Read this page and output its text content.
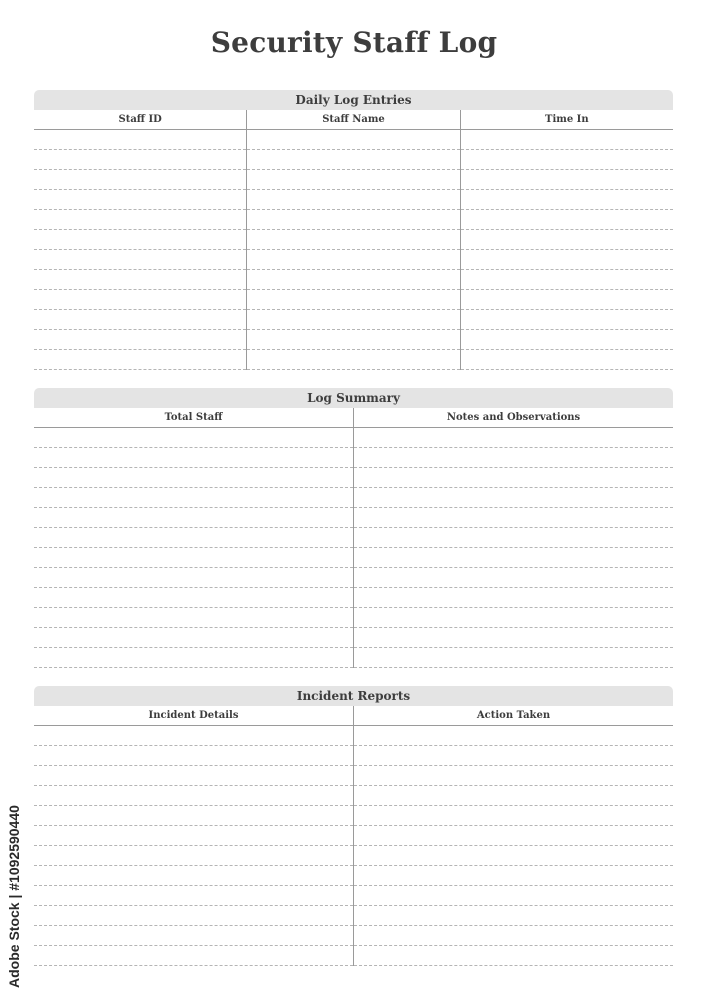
Security Staff Log
Daily Log Entries
Staff ID	Staff Name	Time In
Log Summary
Total Staff	Notes and Observations
Incident Reports
Incident Details	Action Taken
Adobe Stock | #1092590440
